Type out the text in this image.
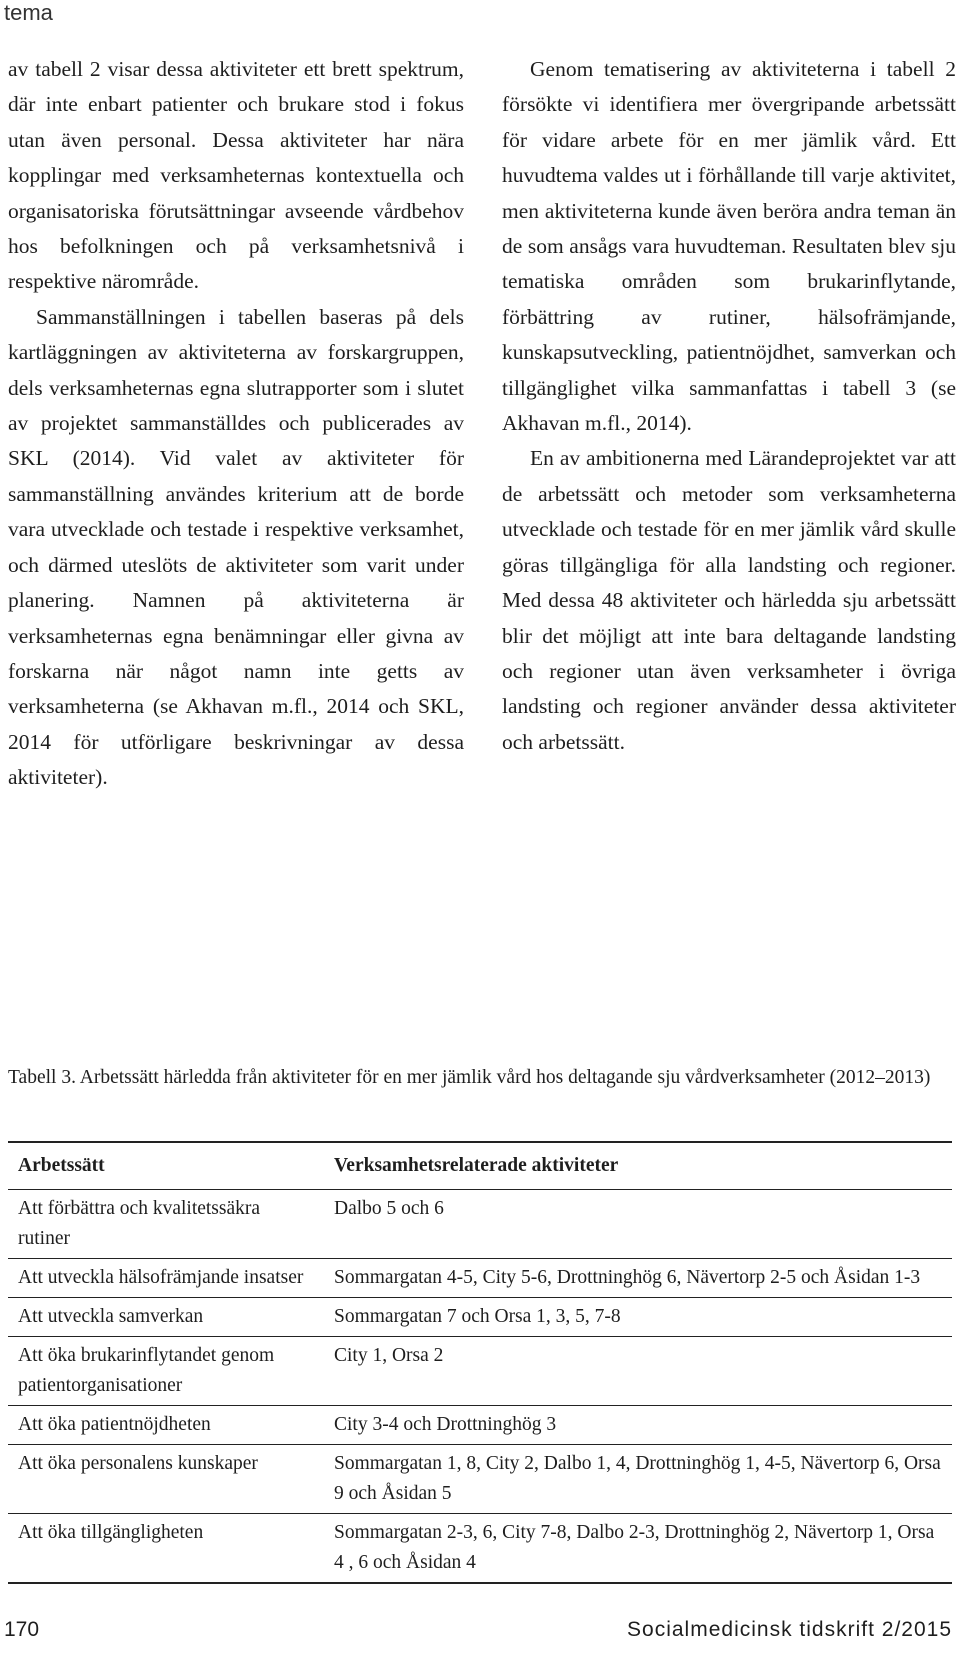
tema

av tabell 2 visar dessa aktiviteter ett brett spektrum, där inte enbart patienter och brukare stod i fokus utan även personal. Dessa aktiviteter har nära kopplingar med verksamheternas kontextuella och organisatoriska förutsättningar avseende vårdbehov hos befolkningen och på verksamhetsnivå i respektive närområde.

Sammanställningen i tabellen baseras på dels kartläggningen av aktiviteterna av forskargruppen, dels verksamheternas egna slutrapporter som i slutet av projektet sammanställdes och publicerades av SKL (2014). Vid valet av aktiviteter för sammanställning användes kriterium att de borde vara utvecklade och testade i respektive verksamhet, och därmed uteslöts de aktiviteter som varit under planering. Namnen på aktiviteterna är verksamheternas egna benämningar eller givna av forskarna när något namn inte getts av verksamheterna (se Akhavan m.fl., 2014 och SKL, 2014 för utförligare beskrivningar av dessa aktiviteter).

Genom tematisering av aktiviteterna i tabell 2 försökte vi identifiera mer övergripande arbetssätt för vidare arbete för en mer jämlik vård. Ett huvudtema valdes ut i förhållande till varje aktivitet, men aktiviteterna kunde även beröra andra teman än de som ansågs vara huvudteman. Resultaten blev sju tematiska områden som brukarinflytande, förbättring av rutiner, hälsofrämjande, kunskapsutveckling, patientnöjdhet, samverkan och tillgänglighet vilka sammanfattas i tabell 3 (se Akhavan m.fl., 2014).

En av ambitionerna med Lärandeprojektet var att de arbetssätt och metoder som verksamheterna utvecklade och testade för en mer jämlik vård skulle göras tillgängliga för alla landsting och regioner. Med dessa 48 aktiviteter och härledda sju arbetssätt blir det möjligt att inte bara deltagande landsting och regioner utan även verksamheter i övriga landsting och regioner använder dessa aktiviteter och arbetssätt.

Tabell 3. Arbetssätt härledda från aktiviteter för en mer jämlik vård hos deltagande sju vårdverksamheter (2012–2013)
Arbetssätt	Verksamhetsrelaterade aktiviteter
Att förbättra och kvalitetssäkra rutiner	Dalbo 5 och 6
Att utveckla hälsofrämjande insatser	Sommargatan 4-5, City 5-6, Drottninghög 6, Nävertorp 2-5 och Åsidan 1-3
Att utveckla samverkan	Sommargatan 7 och Orsa 1, 3, 5, 7-8
Att öka brukarinflytandet genom patientorganisationer	City 1, Orsa 2
Att öka patientnöjdheten	City 3-4 och Drottninghög 3
Att öka personalens kunskaper	Sommargatan 1, 8, City 2, Dalbo 1, 4, Drottninghög 1, 4-5, Nävertorp 6, Orsa 9 och Åsidan 5
Att öka tillgängligheten	Sommargatan 2-3, 6, City 7-8, Dalbo 2-3, Drottninghög 2, Nävertorp 1, Orsa 4 , 6 och Åsidan 4
170	Socialmedicinsk tidskrift 2/2015
